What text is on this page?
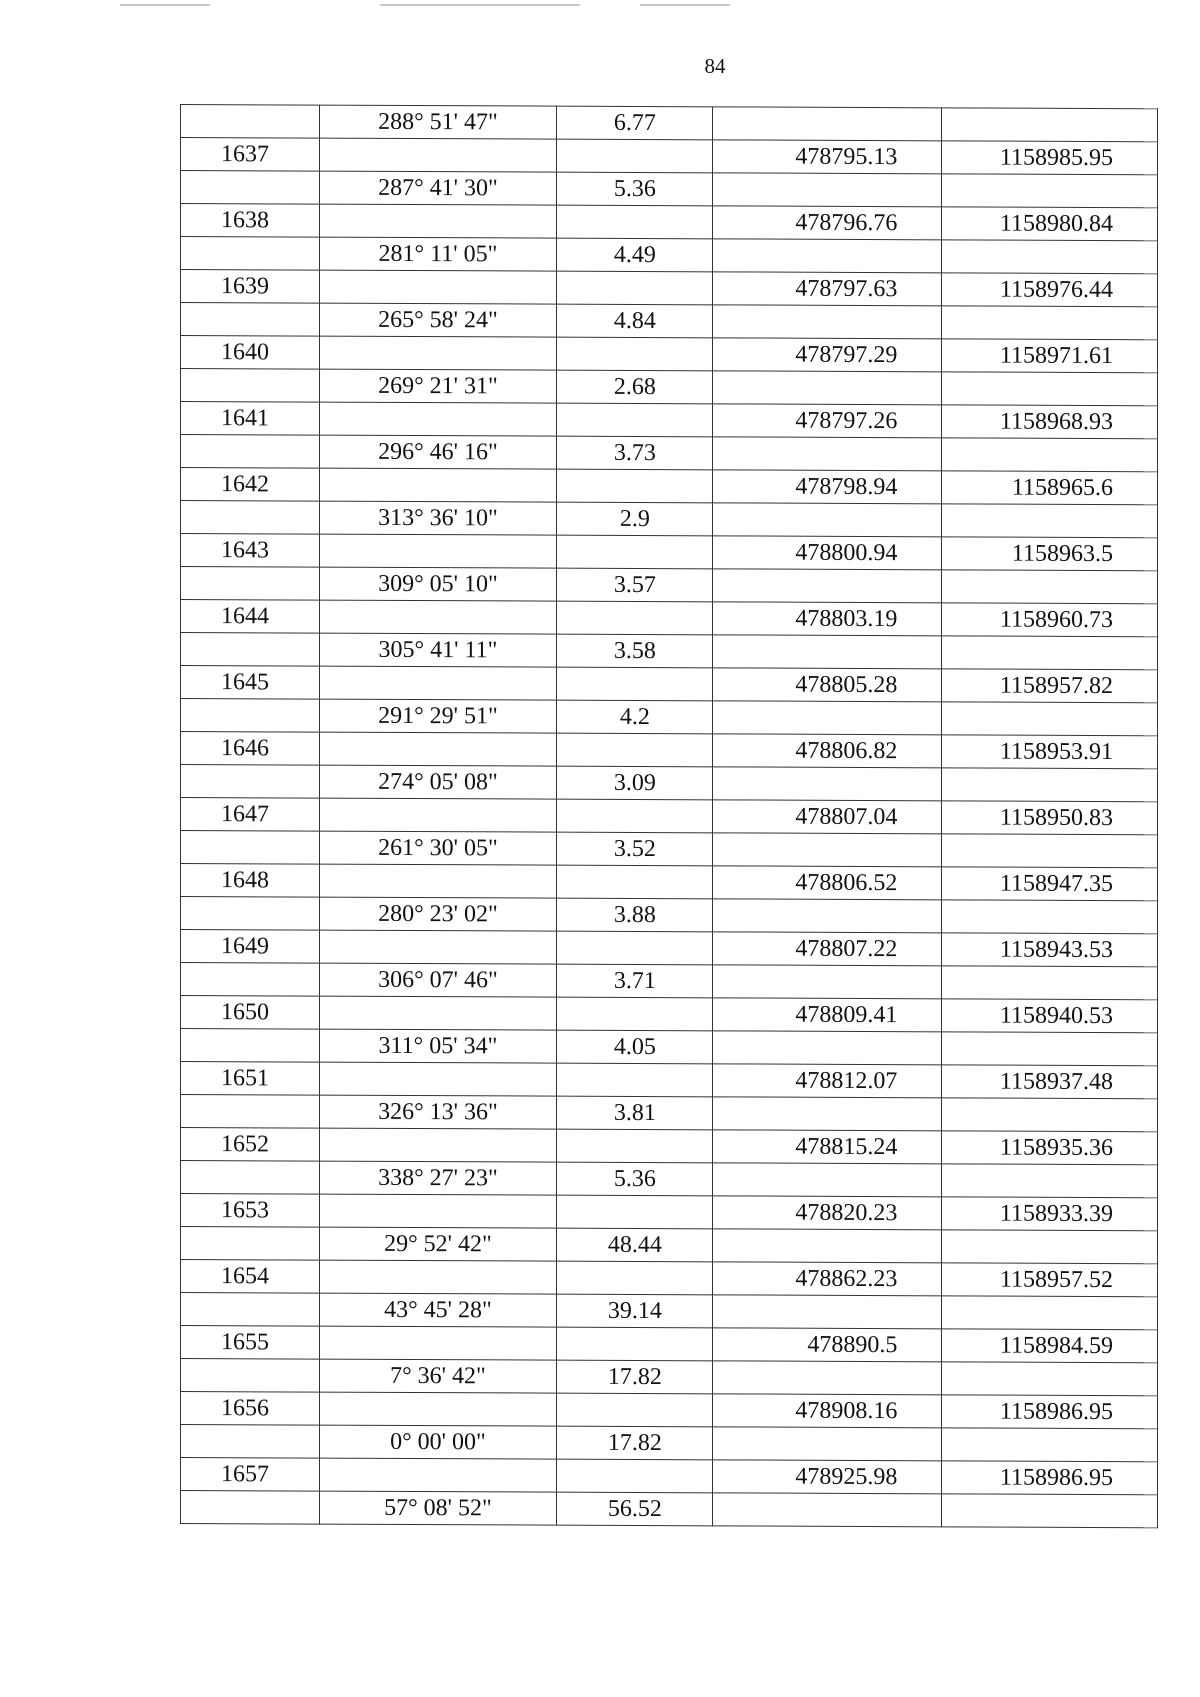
84
	288° 51' 47"	6.77		
1637			478795.13	1158985.95
	287° 41' 30"	5.36		
1638			478796.76	1158980.84
	281° 11' 05"	4.49		
1639			478797.63	1158976.44
	265° 58' 24"	4.84		
1640			478797.29	1158971.61
	269° 21' 31"	2.68		
1641			478797.26	1158968.93
	296° 46' 16"	3.73		
1642			478798.94	1158965.6
	313° 36' 10"	2.9		
1643			478800.94	1158963.5
	309° 05' 10"	3.57		
1644			478803.19	1158960.73
	305° 41' 11"	3.58		
1645			478805.28	1158957.82
	291° 29' 51"	4.2		
1646			478806.82	1158953.91
	274° 05' 08"	3.09		
1647			478807.04	1158950.83
	261° 30' 05"	3.52		
1648			478806.52	1158947.35
	280° 23' 02"	3.88		
1649			478807.22	1158943.53
	306° 07' 46"	3.71		
1650			478809.41	1158940.53
	311° 05' 34"	4.05		
1651			478812.07	1158937.48
	326° 13' 36"	3.81		
1652			478815.24	1158935.36
	338° 27' 23"	5.36		
1653			478820.23	1158933.39
	29° 52' 42"	48.44		
1654			478862.23	1158957.52
	43° 45' 28"	39.14		
1655			478890.5	1158984.59
	7° 36' 42"	17.82		
1656			478908.16	1158986.95
	0° 00' 00"	17.82		
1657			478925.98	1158986.95
	57° 08' 52"	56.52		
